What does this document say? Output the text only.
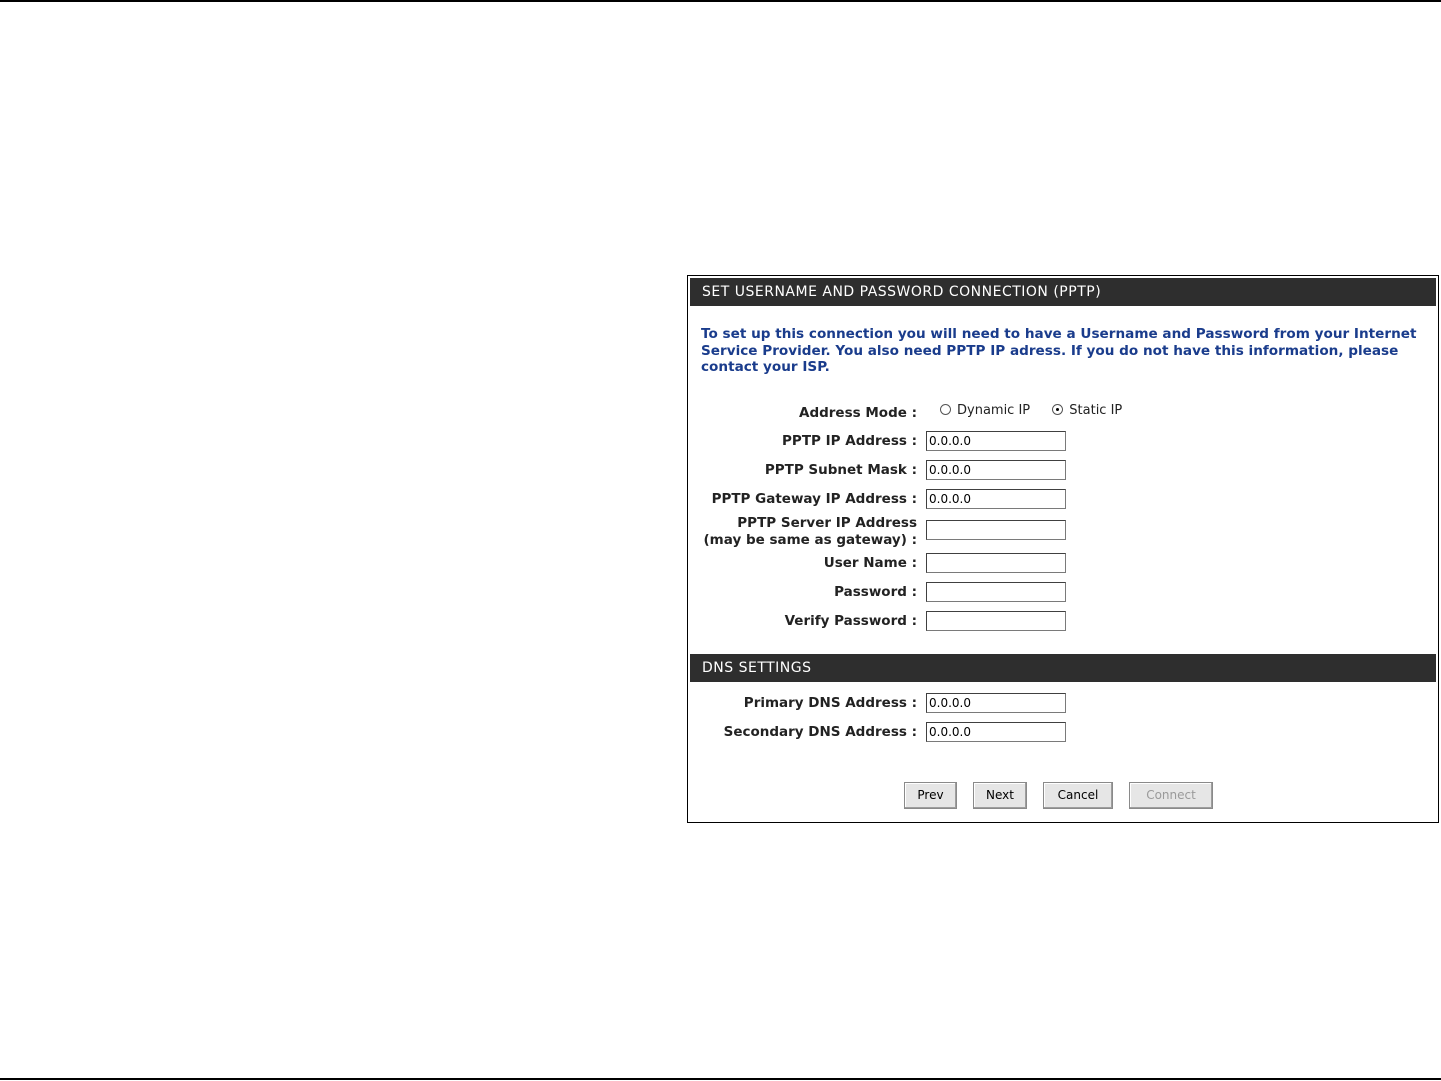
SET USERNAME AND PASSWORD CONNECTION (PPTP)
To set up this connection you will need to have a Username and Password from your Internet Service Provider. You also need PPTP IP adress. If you do not have this information, please contact your ISP.
Address Mode :	Dynamic IP	Static IP
PPTP IP Address : 0.0.0.0
PPTP Subnet Mask : 0.0.0.0
PPTP Gateway IP Address : 0.0.0.0
PPTP Server IP Address
(may be same as gateway) :
User Name :
Password :
Verify Password :
DNS SETTINGS
Primary DNS Address : 0.0.0.0
Secondary DNS Address : 0.0.0.0
Prev	Next	Cancel	Connect
